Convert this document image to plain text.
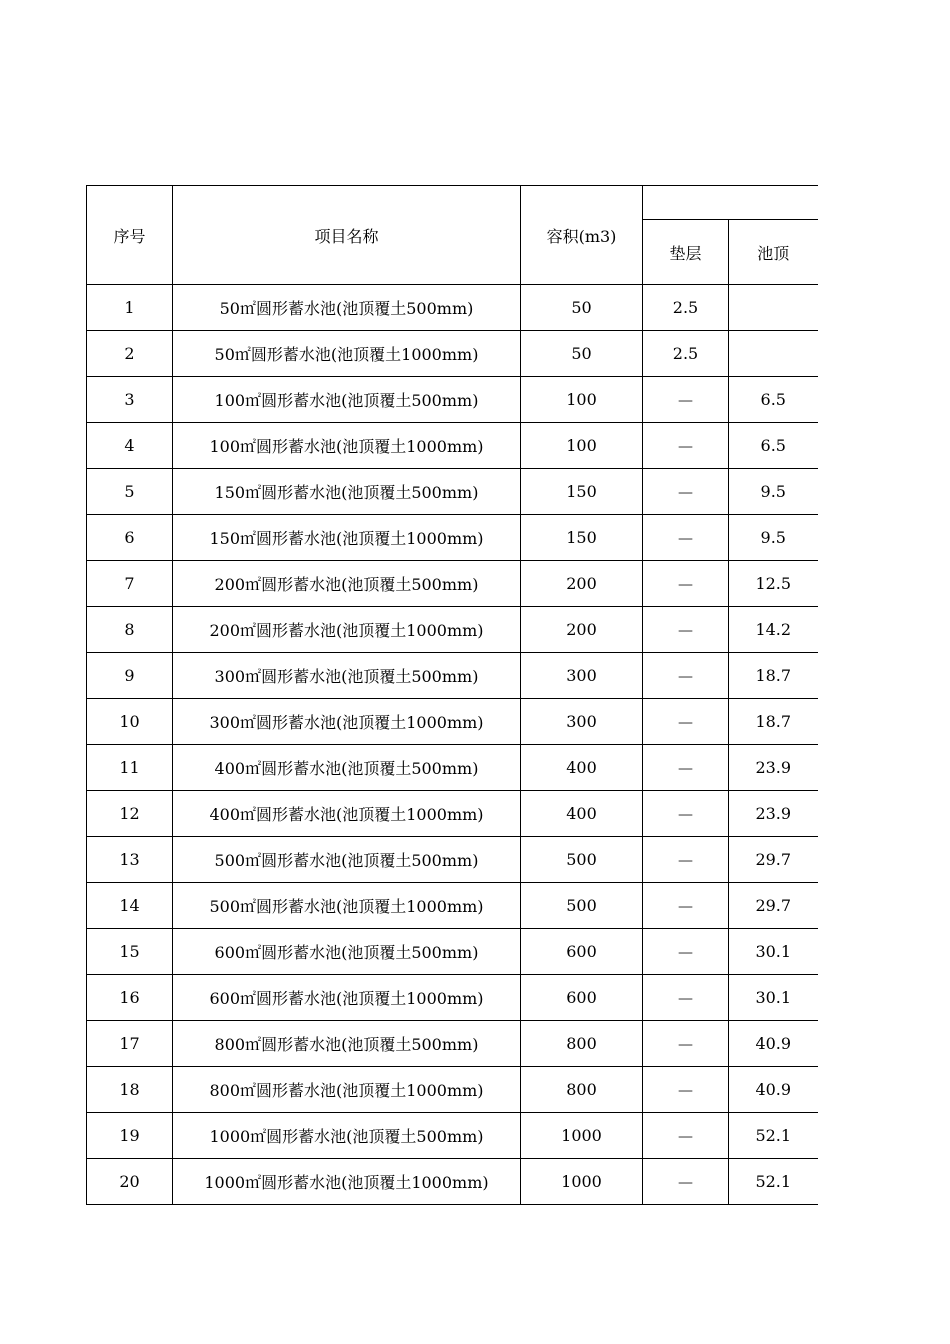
序号	项目名称	容积(m3)		
			垫层	池顶
1	50㎡圆形蓄水池(池顶覆土500mm)	50	2.5	
2	50㎡圆形蓄水池(池顶覆土1000mm)	50	2.5	
3	100㎡圆形蓄水池(池顶覆土500mm)	100	—	6.5
4	100㎡圆形蓄水池(池顶覆土1000mm)	100	—	6.5
5	150㎡圆形蓄水池(池顶覆土500mm)	150	—	9.5
6	150㎡圆形蓄水池(池顶覆土1000mm)	150	—	9.5
7	200㎡圆形蓄水池(池顶覆土500mm)	200	—	12.5
8	200㎡圆形蓄水池(池顶覆土1000mm)	200	—	14.2
9	300㎡圆形蓄水池(池顶覆土500mm)	300	—	18.7
10	300㎡圆形蓄水池(池顶覆土1000mm)	300	—	18.7
11	400㎡圆形蓄水池(池顶覆土500mm)	400	—	23.9
12	400㎡圆形蓄水池(池顶覆土1000mm)	400	—	23.9
13	500㎡圆形蓄水池(池顶覆土500mm)	500	—	29.7
14	500㎡圆形蓄水池(池顶覆土1000mm)	500	—	29.7
15	600㎡圆形蓄水池(池顶覆土500mm)	600	—	30.1
16	600㎡圆形蓄水池(池顶覆土1000mm)	600	—	30.1
17	800㎡圆形蓄水池(池顶覆土500mm)	800	—	40.9
18	800㎡圆形蓄水池(池顶覆土1000mm)	800	—	40.9
19	1000㎡圆形蓄水池(池顶覆土500mm)	1000	—	52.1
20	1000㎡圆形蓄水池(池顶覆土1000mm)	1000	—	52.1
